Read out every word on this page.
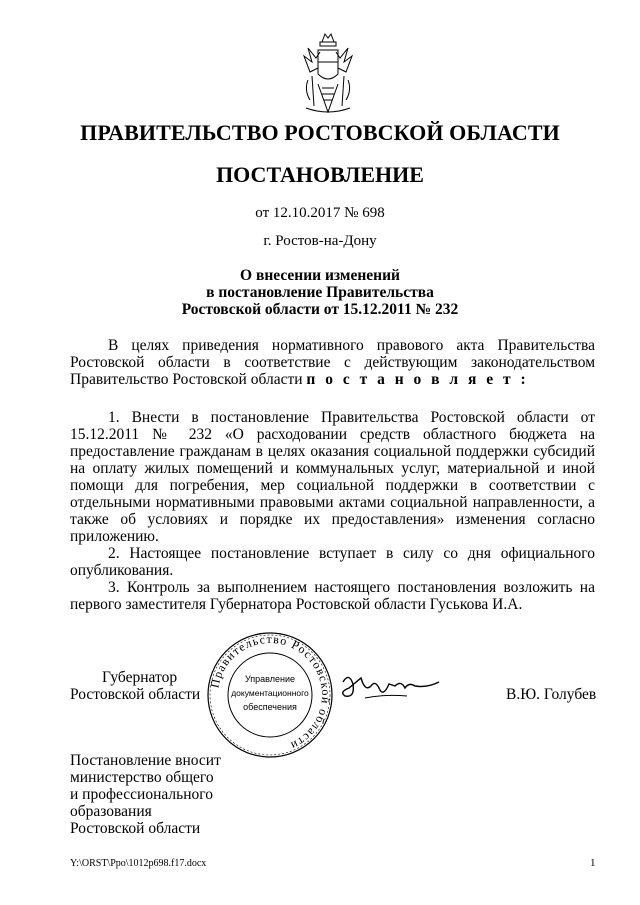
ПРАВИТЕЛЬСТВО РОСТОВСКОЙ ОБЛАСТИ
ПОСТАНОВЛЕНИЕ
от 12.10.2017 № 698
г. Ростов-на-Дону
О внесении изменений
в постановление Правительства
Ростовской области от 15.12.2011 № 232

В целях приведения нормативного правового акта Правительства Ростовской области в соответствие с действующим законодательством Правительство Ростовской области п о с т а н о в л я е т :

1. Внести в постановление Правительства Ростовской области от 15.12.2011 № 232 «О расходовании средств областного бюджета на предоставление гражданам в целях оказания социальной поддержки субсидий на оплату жилых помещений и коммунальных услуг, материальной и иной помощи для погребения, мер социальной поддержки в соответствии с отдельными нормативными правовыми актами социальной направленности, а также об условиях и порядке их предоставления» изменения согласно приложению.

2. Настоящее постановление вступает в силу со дня официального опубликования.

3. Контроль за выполнением настоящего постановления возложить на первого заместителя Губернатора Ростовской области Гуськова И.А.

Губернатор
Ростовской области
Правительство Ростовской области
Управление
документационного
обеспечения
В.Ю. Голубев
Постановление вносит
министерство общего
и профессионального
образования
Ростовской области
Y:\ORST\Ppo\1012p698.f17.docx	1
